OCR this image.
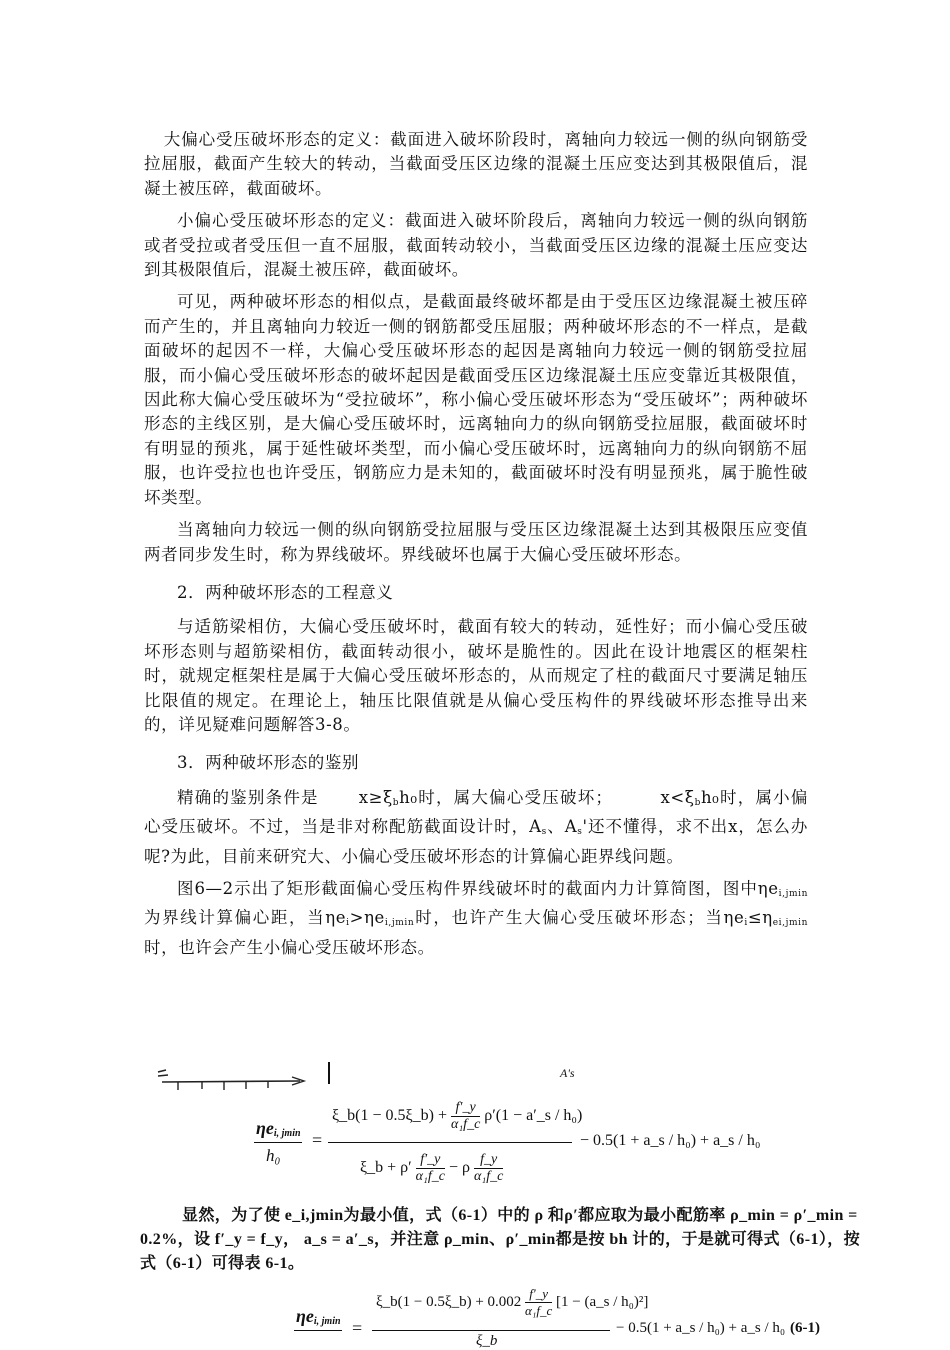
大偏心受压破坏形态的定义：截面进入破坏阶段时，离轴向力较远一侧的纵向钢筋受拉屈服，截面产生较大的转动，当截面受压区边缘的混凝土压应变达到其极限值后，混凝土被压碎，截面破坏。

小偏心受压破坏形态的定义：截面进入破坏阶段后，离轴向力较远一侧的纵向钢筋或者受拉或者受压但一直不屈服，截面转动较小，当截面受压区边缘的混凝土压应变达到其极限值后，混凝土被压碎，截面破坏。

可见，两种破坏形态的相似点，是截面最终破坏都是由于受压区边缘混凝土被压碎而产生的，并且离轴向力较近一侧的钢筋都受压屈服；两种破坏形态的不一样点，是截面破坏的起因不一样，大偏心受压破坏形态的起因是离轴向力较远一侧的钢筋受拉屈服，而小偏心受压破坏形态的破坏起因是截面受压区边缘混凝土压应变靠近其极限值，因此称大偏心受压破坏为“受拉破坏”，称小偏心受压破坏形态为“受压破坏”；两种破坏形态的主线区别，是大偏心受压破坏时，远离轴向力的纵向钢筋受拉屈服，截面破坏时有明显的预兆，属于延性破坏类型，而小偏心受压破坏时，远离轴向力的纵向钢筋不屈服，也许受拉也也许受压，钢筋应力是未知的，截面破坏时没有明显预兆，属于脆性破坏类型。

当离轴向力较远一侧的纵向钢筋受拉屈服与受压区边缘混凝土达到其极限压应变值两者同步发生时，称为界线破坏。界线破坏也属于大偏心受压破坏形态。

2．两种破坏形态的工程意义

与适筋梁相仿，大偏心受压破坏时，截面有较大的转动，延性好；而小偏心受压破坏形态则与超筋梁相仿，截面转动很小，破坏是脆性的。因此在设计地震区的框架柱时，就规定框架柱是属于大偏心受压破坏形态的，从而规定了柱的截面尺寸要满足轴压比限值的规定。在理论上，轴压比限值就是从偏心受压构件的界线破坏形态推导出来的，详见疑难问题解答3-8。

3．两种破坏形态的鉴别

精确的鉴别条件是 $x\ge\xi_bh_0$时，属大偏心受压破坏；	$x<\xi_bh_0$时，属小偏心受压破坏。不过，当是非对称配筋截面设计时，$A_s$、$A_s'$还不懂得，求不出x，怎么办呢?为此，目前来研究大、小偏心受压破坏形态的计算偏心距界线问题。

图6—2示出了矩形截面偏心受压构件界线破坏时的截面内力计算简图，图中$\eta e_{i,jmin}$为界线计算偏心距，当$\eta e_i>\eta e_{i,jmin}$时，也许产生大偏心受压破坏形态；当$\eta e_i\le\eta_{ei,jmin}$时，也许会产生小偏心受压破坏形态。

A's
$\eta e_{i, jmin}$
h₀
=
ξ_b(1 − 0.5ξ_b) + $\frac{f'\_y}{\text{α₁f\_c}} \rho'(1$ − a′_s / h₀)
ξ_b + $\rho' \frac{f'\_y}{\text{α₁f\_c}} - \rho \frac{f\_y}{\text{α₁f\_c}}$
− 0.5(1 + a_s / h₀) + a_s / h₀
显然，为了使 e_i,jmin为最小值，式（6-1）中的 ρ 和ρ′都应取为最小配筋率 ρ_min = ρ′_min =
0.2%，设 f′_y = f_y， a_s = a′_s，并注意 ρ_min、ρ′_min都是按 bh 计的，于是就可得式（6-1），按
式（6-1）可得表 6-1。
$\eta e_{i, jmin}$ =
ξ_b(1 − 0.5ξ_b) + $0.002 \frac{f'\_y}{\text{α₁f\_c}} [1$ − (a_s / h₀)²]
ξ_b
− 0.5(1 + a_s / h₀) + a_s / h₀ (6-1)
